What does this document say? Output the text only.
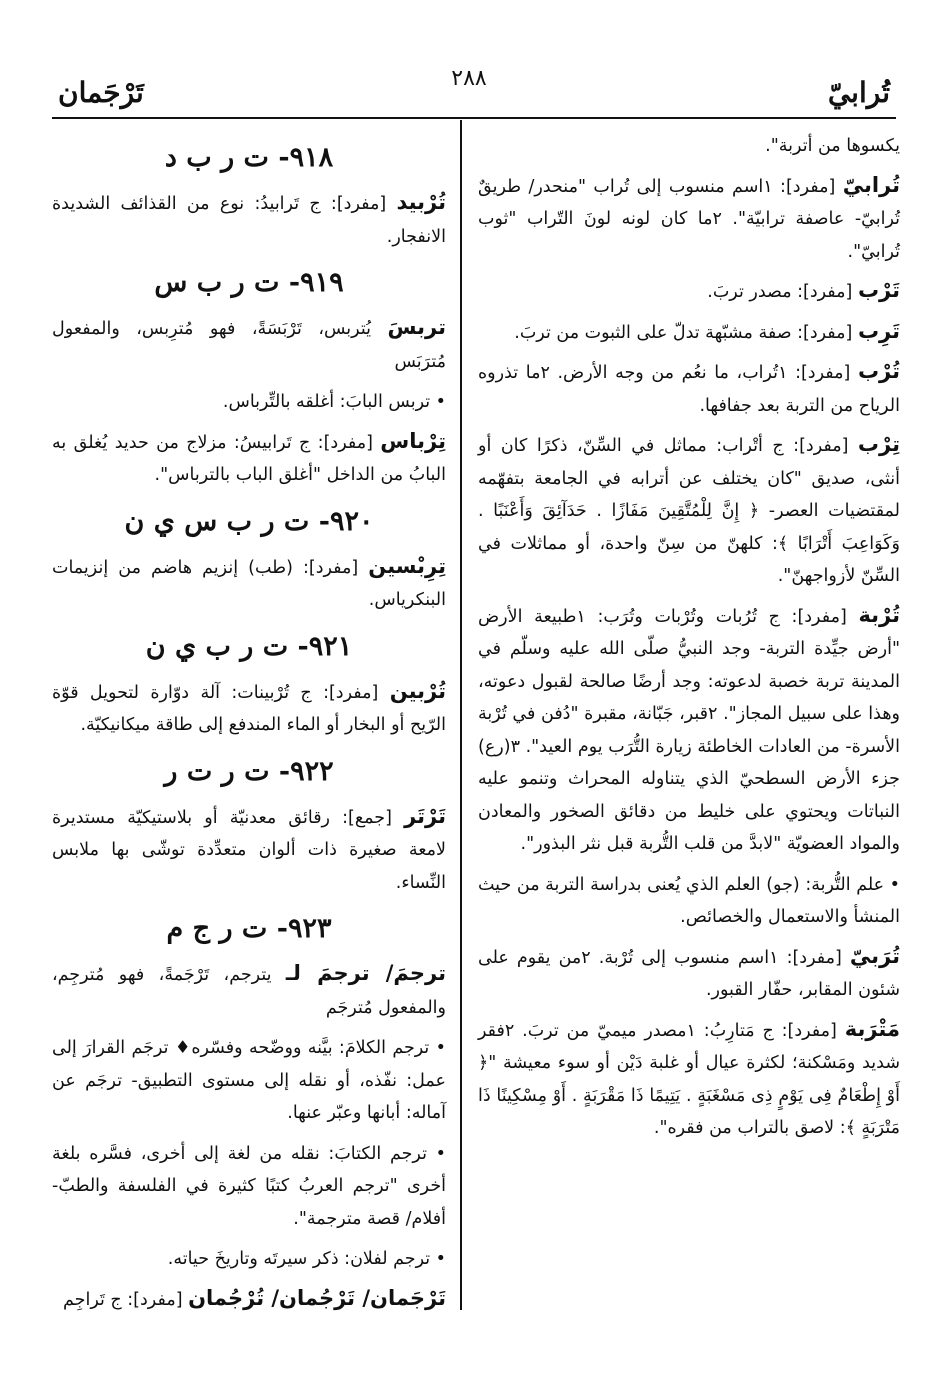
تُرابيّ
٢٨٨
تَرْجَمان

يكسوها من أتربة".

تُرابيّ [مفرد]: ١اسم منسوب إلى تُراب "منحدر/ طريقٌ تُرابيّ- عاصفة ترابيّة". ٢ما كان لونه لونَ التّراب "ثوب تُرابيّ".

تَرْب [مفرد]: مصدر تربَ.

تَرِب [مفرد]: صفة مشبّهة تدلّ على الثبوت من تربَ.

تُرْب [مفرد]: ١تُراب، ما نعُم من وجه الأرض. ٢ما تذروه الرياح من التربة بعد جفافها.

تِرْب [مفرد]: ج أتْراب: مماثل في السِّنّ، ذكرًا كان أو أنثى، صديق "كان يختلف عن أترابه في الجامعة بتفهّمه لمقتضيات العصر- ﴿ إِنَّ لِلْمُتَّقِينَ مَفَازًا . حَدَآئِقَ وَأَعْنَبًا . وَكَوَاعِبَ أَتْرَابًا ﴾: كلهنّ من سِنّ واحدة، أو مماثلات في السِّنّ لأزواجهنّ".

تُرْبة [مفرد]: ج تُرُبات وتُرْبات وتُرَب: ١طبيعة الأرض "أرض جيِّدة التربة- وجد النبيُّ صلّى الله عليه وسلّم في المدينة تربة خصبة لدعوته: وجد أرضًا صالحة لقبول دعوته، وهذا على سبيل المجاز". ٢قبر، جَبّانة، مقبرة "دُفن في تُرْبة الأسرة- من العادات الخاطئة زيارة التُّرَب يوم العيد". ٣(رع) جزء الأرض السطحيّ الذي يتناوله المحراث وتنمو عليه النباتات ويحتوي على خليط من دقائق الصخور والمعادن والمواد العضويّة "لابدَّ من قلب التُّربة قبل نثر البذور".

• علم التُّربة: (جو) العلم الذي يُعنى بدراسة التربة من حيث المنشأ والاستعمال والخصائص.

تُرَبيّ [مفرد]: ١اسم منسوب إلى تُرْبة. ٢من يقوم على شئون المقابر، حفّار القبور.

مَتْرَبة [مفرد]: ج مَتارِبُ: ١مصدر ميميّ من تربَ. ٢فقر شديد ومَسْكنة؛ لكثرة عيال أو غلبة دَيْن أو سوء معيشة "﴿ أَوْ إِطْعَامٌ فِى يَوْمٍ ذِى مَسْغَبَةٍ . يَتِيمًا ذَا مَقْرَبَةٍ . أَوْ مِسْكِينًا ذَا مَتْرَبَةٍ ﴾: لاصق بالتراب من فقره".

٩١٨- ت ر ب د

تُرْبيد [مفرد]: ج تَرابيدُ: نوع من القذائف الشديدة الانفجار.

٩١٩- ت ر ب س

تربسَ يُتربس، تَرْبَسَةً، فهو مُترِبس، والمفعول مُترَبَس

• تربس البابَ: أغلقه بالتِّرباس.

تِرْباس [مفرد]: ج تَرابيسُ: مزلاج من حديد يُغلق به البابُ من الداخل "أغلق الباب بالترباس".

٩٢٠- ت ر ب س ي ن

تِرِبْسين [مفرد]: (طب) إنزيم هاضم من إنزيمات البنكرياس.

٩٢١- ت ر ب ي ن

تُرْبين [مفرد]: ج تُرْبينات: آلة دوّارة لتحويل قوّة الرّيح أو البخار أو الماء المندفع إلى طاقة ميكانيكيّة.

٩٢٢- ت ر ت ر

تَرْتَر [جمع]: رقائق معدنيّة أو بلاستيكيّة مستديرة لامعة صغيرة ذات ألوان متعدِّدة توشّى بها ملابس النِّساء.

٩٢٣- ت ر ج م

ترجمَ/ ترجمَ لـ يترجم، تَرْجَمةً، فهو مُترجِم، والمفعول مُترجَم

• ترجم الكلامَ: بيَّنه ووضّحه وفسّره♦ ترجَم القرارَ إلى عمل: نفّذه، أو نقله إلى مستوى التطبيق- ترجَم عن آماله: أبانها وعبّر عنها.

• ترجم الكتابَ: نقله من لغة إلى أخرى، فسَّره بلغة أخرى "ترجم العربُ كتبًا كثيرة في الفلسفة والطبّ- أفلام/ قصة مترجمة".

• ترجم لفلان: ذكر سيرتَه وتاريخَ حياته.

تَرْجَمان/ تَرْجُمان/ تُرْجُمان [مفرد]: ج تَراجِم
